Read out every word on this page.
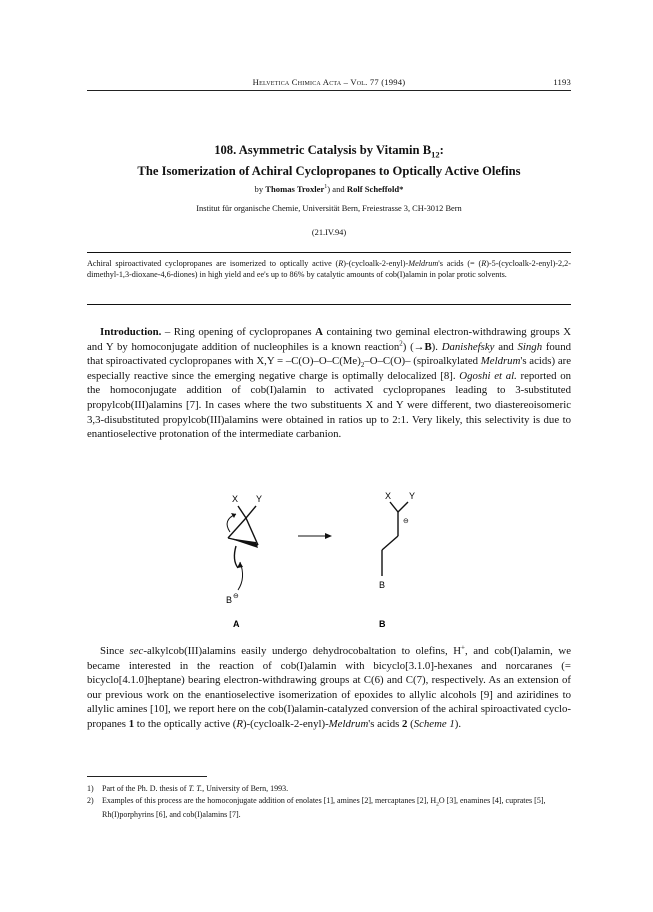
Helvetica Chimica Acta – Vol. 77 (1994)	1193
108. Asymmetric Catalysis by Vitamin $B_{12}$:
The Isomerization of Achiral Cyclopropanes to Optically Active Olefins
by Thomas Troxler$^1$) and Rolf Scheffold*
Institut für organische Chemie, Universität Bern, Freiestrasse 3, CH-3012 Bern
(21.IV.94)

Achiral spiroactivated cyclopropanes are isomerized to optically active (R)-(cycloalk-2-enyl)-Meldrum's acids (= (R)-5-(cycloalk-2-enyl)-2,2-dimethyl-1,3-dioxane-4,6-diones) in high yield and ee's up to 86% by catalytic amounts of cob(I)alamin in polar protic solvents.

Introduction. – Ring opening of cyclopropanes A containing two geminal electron-withdrawing groups X and Y by homoconjugate addition of nucleophiles is a known reaction$^2$) (→B). Danishefsky and Singh found that spiroactivated cyclopropanes with $X,Y = -C(O)-O-C(Me)_2-O-C(O)-$ (spiroalkylated Meldrum's acids) are especially reactive since the emerging negative charge is optimally delocalized [8]. Ogoshi et al. reported on the homoconjugate addition of cob(I)alamin to activated cyclopropanes leading to 3-substituted propylcob(III)alamins [7]. In cases where the two substituents X and Y were different, two diastereoisomeric 3,3-disubstituted propylcob(III)alamins were obtained in ratios up to 2:1. Very likely, this selectivity is due to enantioselective protonation of the intermediate carbanion.

X Y
B ⊖
A
X Y
⊖
B
B

Since sec-alkylcob(III)alamins easily undergo dehydrocobaltation to olefins, H+, and cob(I)alamin, we became interested in the reaction of cob(I)alamin with bicyclo[3.1.0]-hexanes and norcaranes (= bicyclo[4.1.0]heptane) bearing electron-withdrawing groups at C(6) and C(7), respectively. As an extension of our previous work on the enantioselective isomerization of epoxides to allylic alcohols [9] and aziridines to allylic amines [10], we report here on the cob(I)alamin-catalyzed conversion of the achiral spiroactivated cyclo-propanes 1 to the optically active (R)-(cycloalk-2-enyl)-Meldrum's acids 2 (Scheme 1).

1) Part of the Ph. D. thesis of T. T., University of Bern, 1993.
2) Examples of this process are the homoconjugate addition of enolates [1], amines [2], mercaptanes [2], $H_2O$ [3], enamines [4], cuprates [5], Rh(I)porphyrins [6], and cob(I)alamins [7].
